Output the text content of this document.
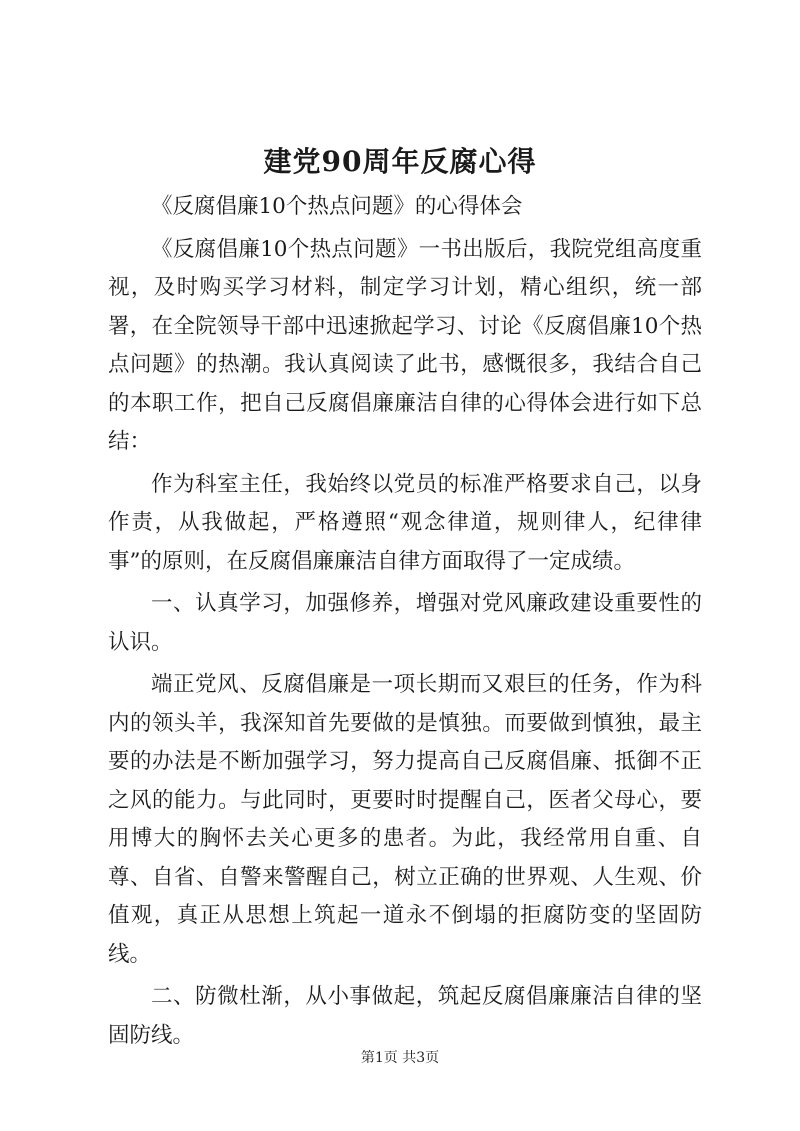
建党90周年反腐心得

《反腐倡廉10个热点问题》的心得体会

《反腐倡廉10个热点问题》一书出版后，我院党组高度重视，及时购买学习材料，制定学习计划，精心组织，统一部署，在全院领导干部中迅速掀起学习、讨论《反腐倡廉10个热点问题》的热潮。我认真阅读了此书，感慨很多，我结合自己的本职工作，把自己反腐倡廉廉洁自律的心得体会进行如下总结：

作为科室主任，我始终以党员的标准严格要求自己，以身作责，从我做起，严格遵照“观念律道，规则律人，纪律律事”的原则，在反腐倡廉廉洁自律方面取得了一定成绩。

一、认真学习，加强修养，增强对党风廉政建设重要性的认识。

端正党风、反腐倡廉是一项长期而又艰巨的任务，作为科内的领头羊，我深知首先要做的是慎独。而要做到慎独，最主要的办法是不断加强学习，努力提高自己反腐倡廉、抵御不正之风的能力。与此同时，更要时时提醒自己，医者父母心，要用博大的胸怀去关心更多的患者。为此，我经常用自重、自尊、自省、自警来警醒自己，树立正确的世界观、人生观、价值观，真正从思想上筑起一道永不倒塌的拒腐防变的坚固防线。

二、防微杜渐，从小事做起，筑起反腐倡廉廉洁自律的坚固防线。

第1页 共3页
